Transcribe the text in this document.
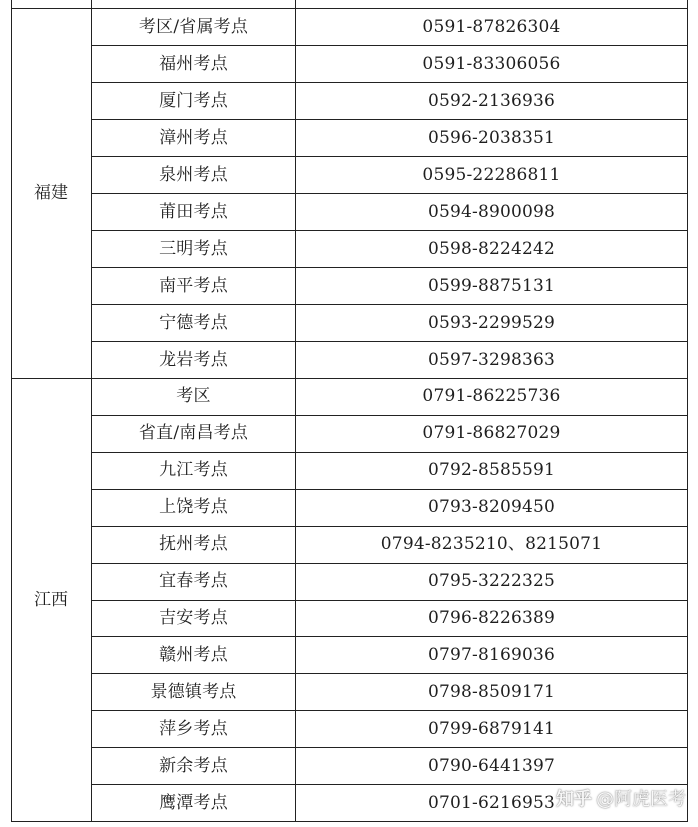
福建
考区/省属考点	0591-87826304
福州考点	0591-83306056
厦门考点	0592-2136936
漳州考点	0596-2038351
泉州考点	0595-22286811
莆田考点	0594-8900098
三明考点	0598-8224242
南平考点	0599-8875131
宁德考点	0593-2299529
龙岩考点	0597-3298363
江西
考区	0791-86225736
省直/南昌考点	0791-86827029
九江考点	0792-8585591
上饶考点	0793-8209450
抚州考点	0794-8235210、8215071
宜春考点	0795-3222325
吉安考点	0796-8226389
赣州考点	0797-8169036
景德镇考点	0798-8509171
萍乡考点	0799-6879141
新余考点	0790-6441397
鹰潭考点	0701-6216953 知乎 @阿虎医考
